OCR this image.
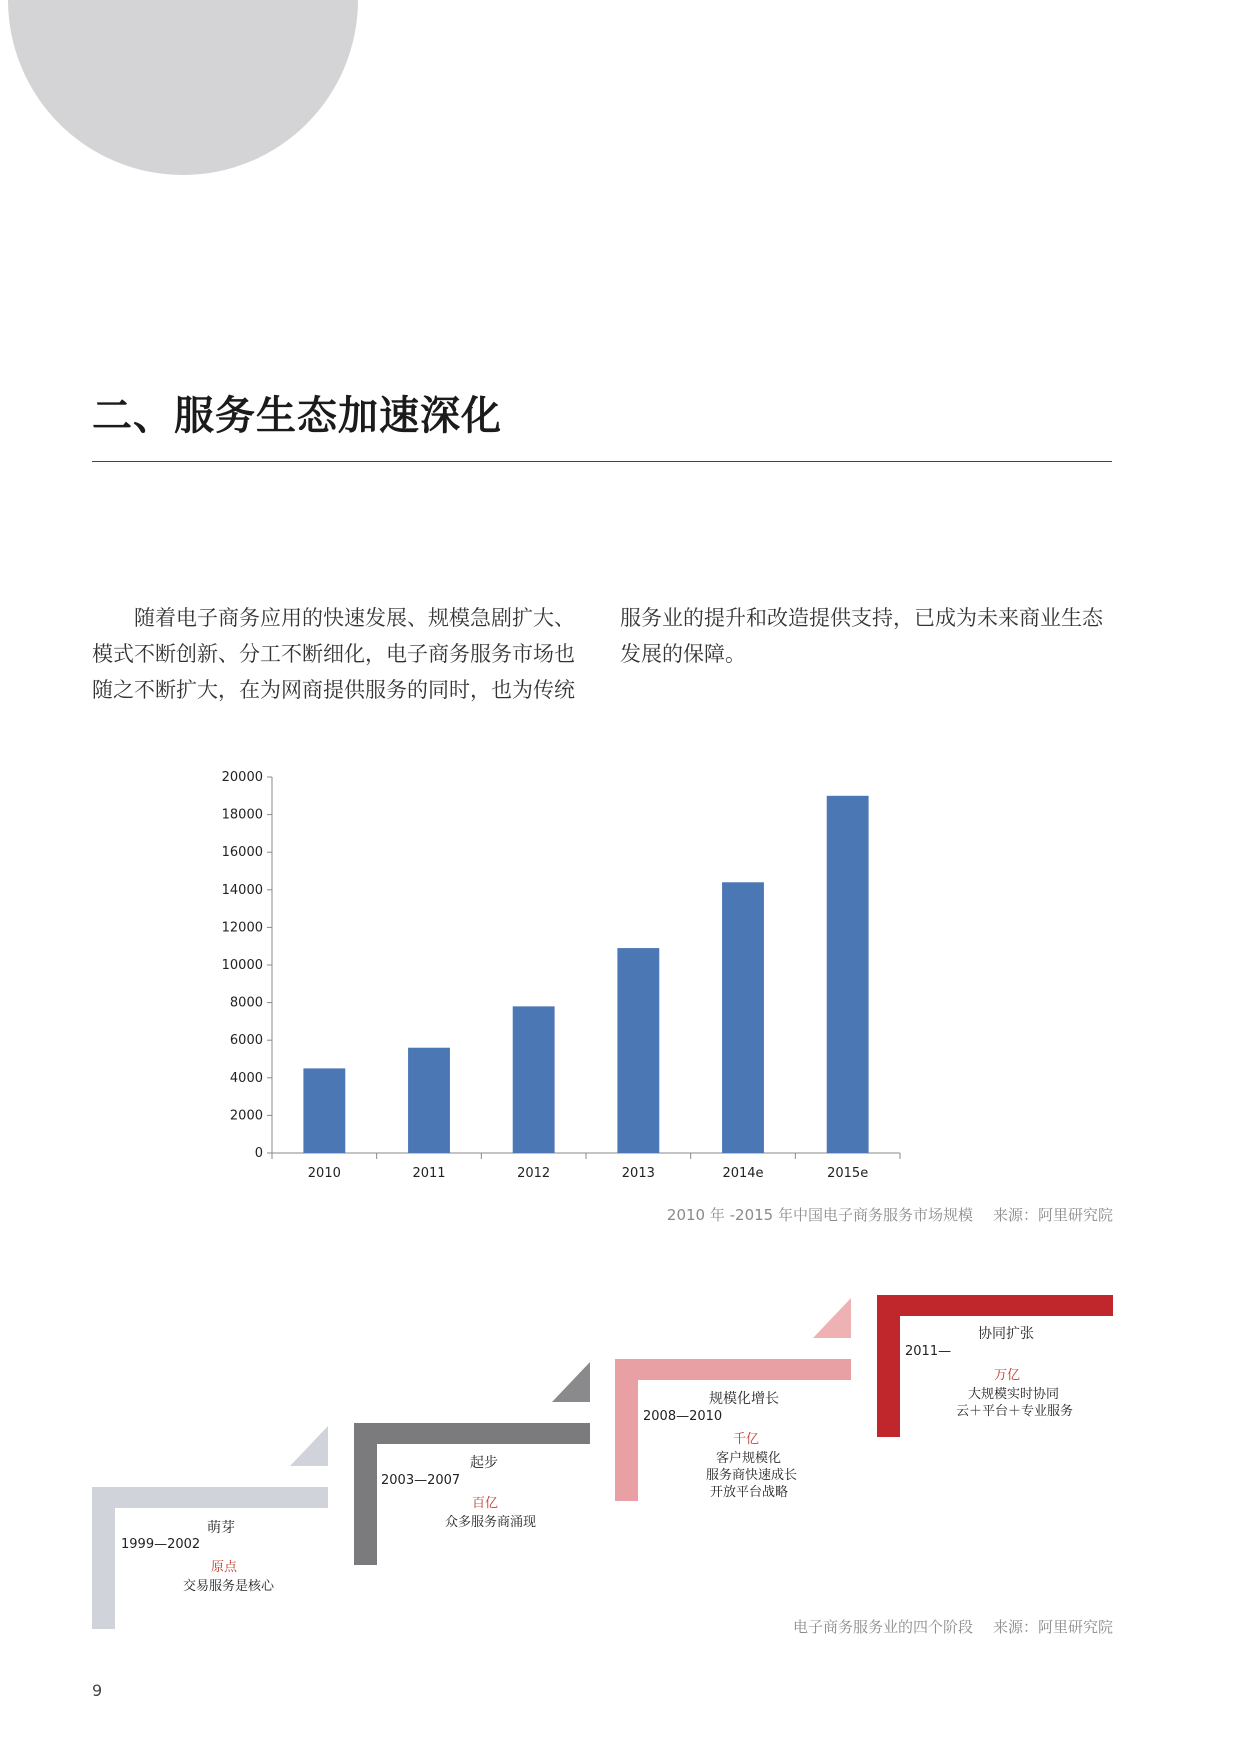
二、服务生态加速深化
随着电子商务应用的快速发展、规模急剧扩大、模式不断创新、分工不断细化，电子商务服务市场也随之不断扩大，在为网商提供服务的同时，也为传统
服务业的提升和改造提供支持，已成为未来商业生态发展的保障。
0
2000
4000
6000
8000
10000
12000
14000
16000
18000
20000
2010	2011	2012	2013	2014e	2015e
2010 年 -2015 年中国电子商务服务市场规模 来源：阿里研究院
萌芽
1999—2002
原点
交易服务是核心
起步
2003—2007
百亿
众多服务商涌现
规模化增长
2008—2010
千亿
客户规模化
服务商快速成长
开放平台战略
协同扩张
2011—
万亿
大规模实时协同
云＋平台＋专业服务
电子商务服务业的四个阶段 来源：阿里研究院
9
